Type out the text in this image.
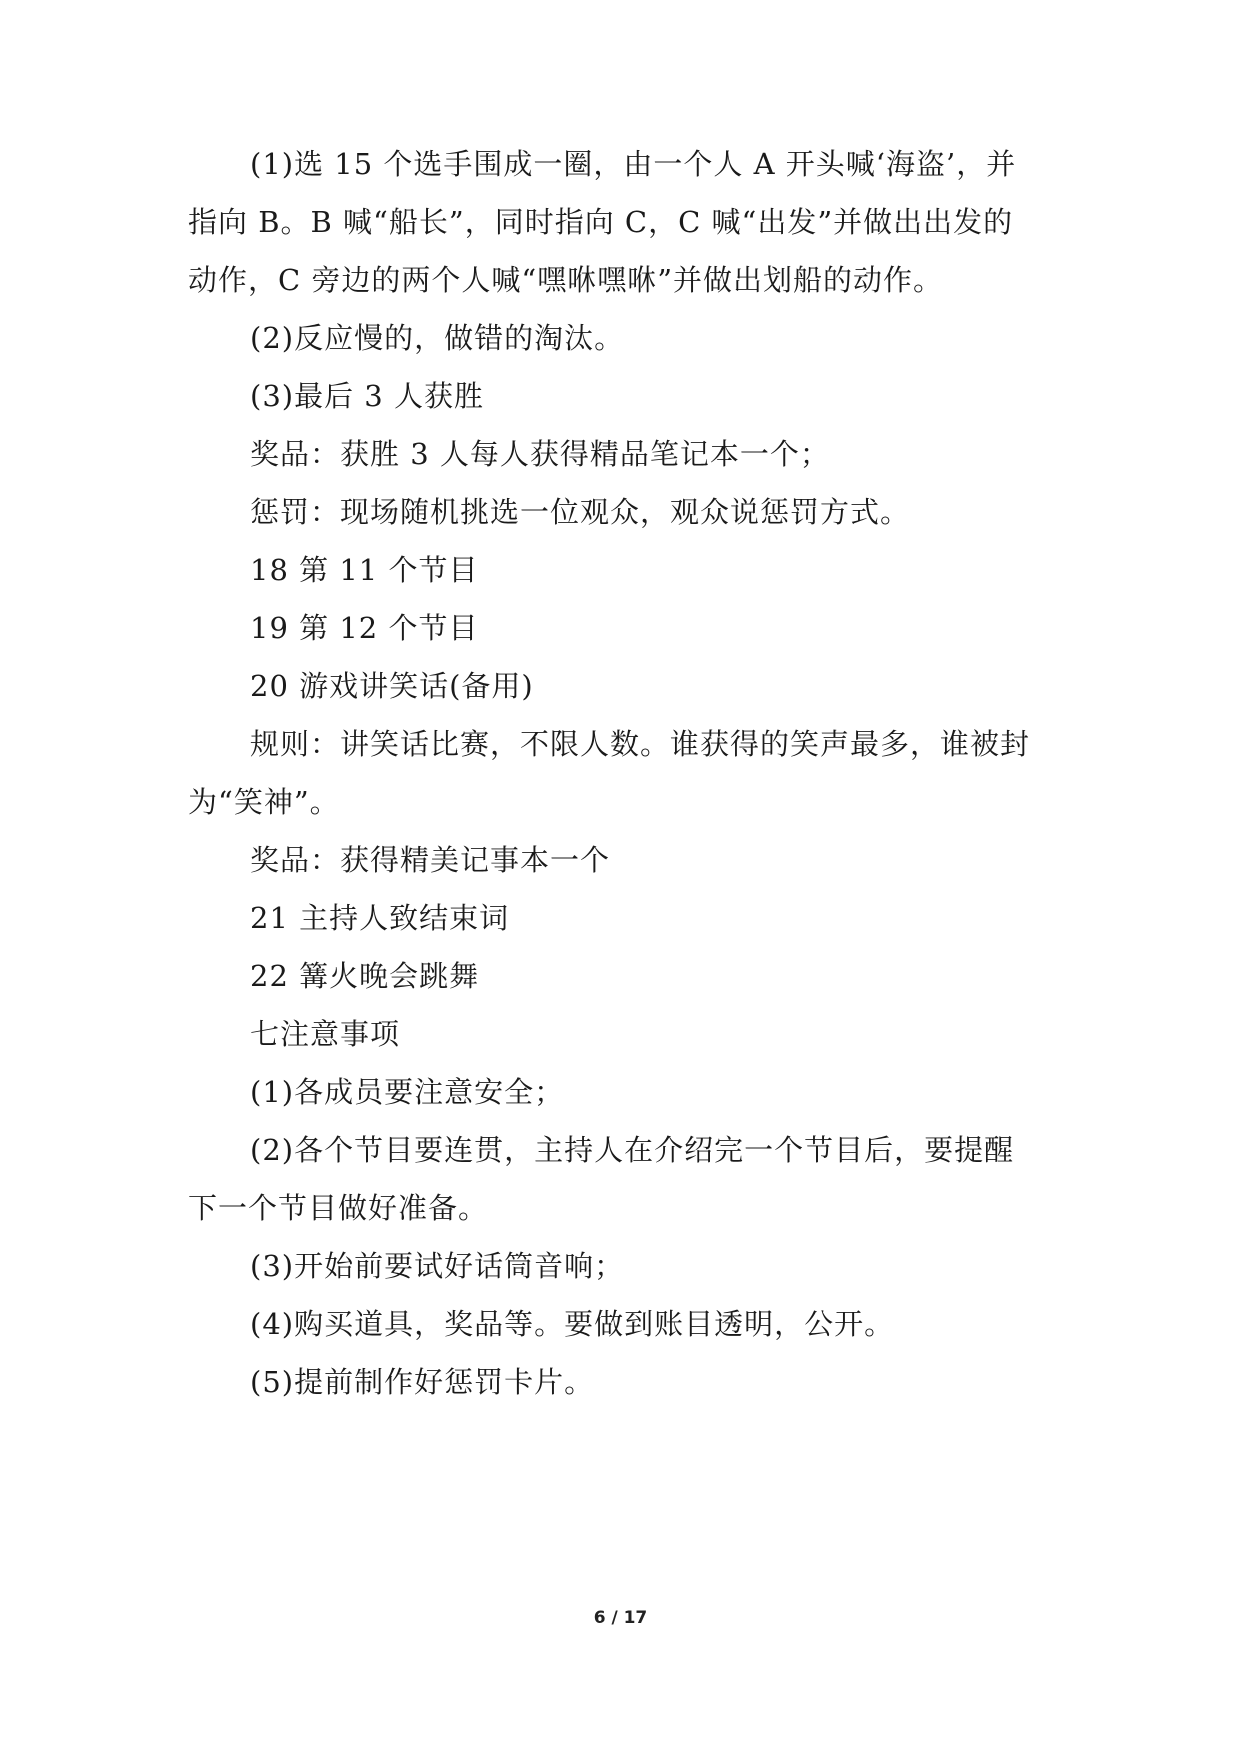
(1)选 15 个选手围成一圈，由一个人 A 开头喊‘海盗’，并

指向 B。B 喊“船长”，同时指向 C，C 喊“出发”并做出出发的

动作，C 旁边的两个人喊“嘿咻嘿咻”并做出划船的动作。

(2)反应慢的，做错的淘汰。

(3)最后 3 人获胜

奖品：获胜 3 人每人获得精品笔记本一个；

惩罚：现场随机挑选一位观众，观众说惩罚方式。

18 第 11 个节目

19 第 12 个节目

20 游戏讲笑话(备用)

规则：讲笑话比赛，不限人数。谁获得的笑声最多，谁被封

为“笑神”。

奖品：获得精美记事本一个

21 主持人致结束词

22 篝火晚会跳舞

七注意事项

(1)各成员要注意安全；

(2)各个节目要连贯，主持人在介绍完一个节目后，要提醒

下一个节目做好准备。

(3)开始前要试好话筒音响；

(4)购买道具，奖品等。要做到账目透明，公开。

(5)提前制作好惩罚卡片。

6 / 17
